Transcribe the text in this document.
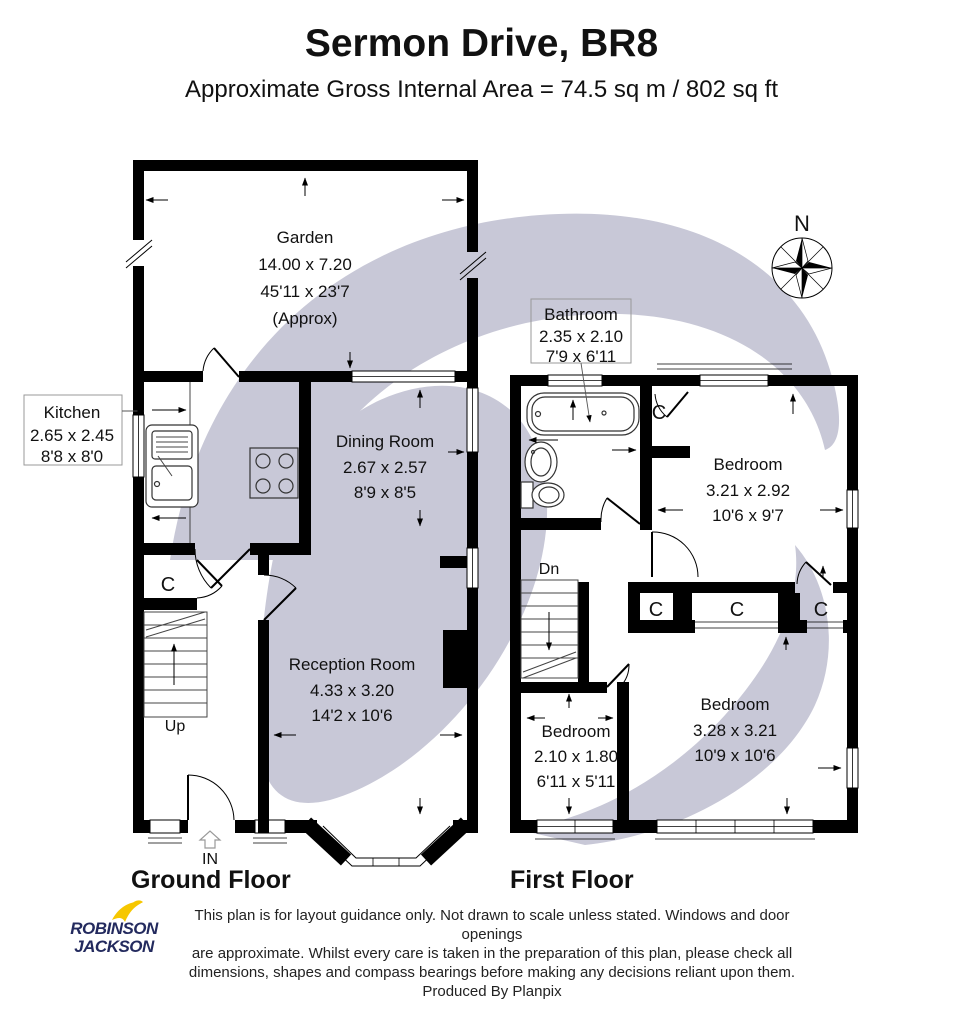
Sermon Drive, BR8
Approximate Gross Internal Area = 74.5 sq m / 802 sq ft
Kitchen
2.65 x 2.45
8'8 x 8'0
Garden
14.00 x 7.20
45'11 x 23'7
(Approx)
Dining Room
2.67 x 2.57
8'9 x 8'5
Reception Room
4.33 x 3.20
14'2 x 10'6
C
Up
IN
Bathroom
2.35 x 2.10
7'9 x 6'11
Bedroom
3.21 x 2.92
10'6 x 9'7
Bedroom
2.10 x 1.80
6'11 x 5'11
Bedroom
3.28 x 3.21
10'9 x 10'6
C
C	C	C
Dn
N
Ground Floor	First Floor
ROBINSON
JACKSON
This plan is for layout guidance only. Not drawn to scale unless stated. Windows and door openings
are approximate. Whilst every care is taken in the preparation of this plan, please check all
dimensions, shapes and compass bearings before making any decisions reliant upon them.
Produced By Planpix
